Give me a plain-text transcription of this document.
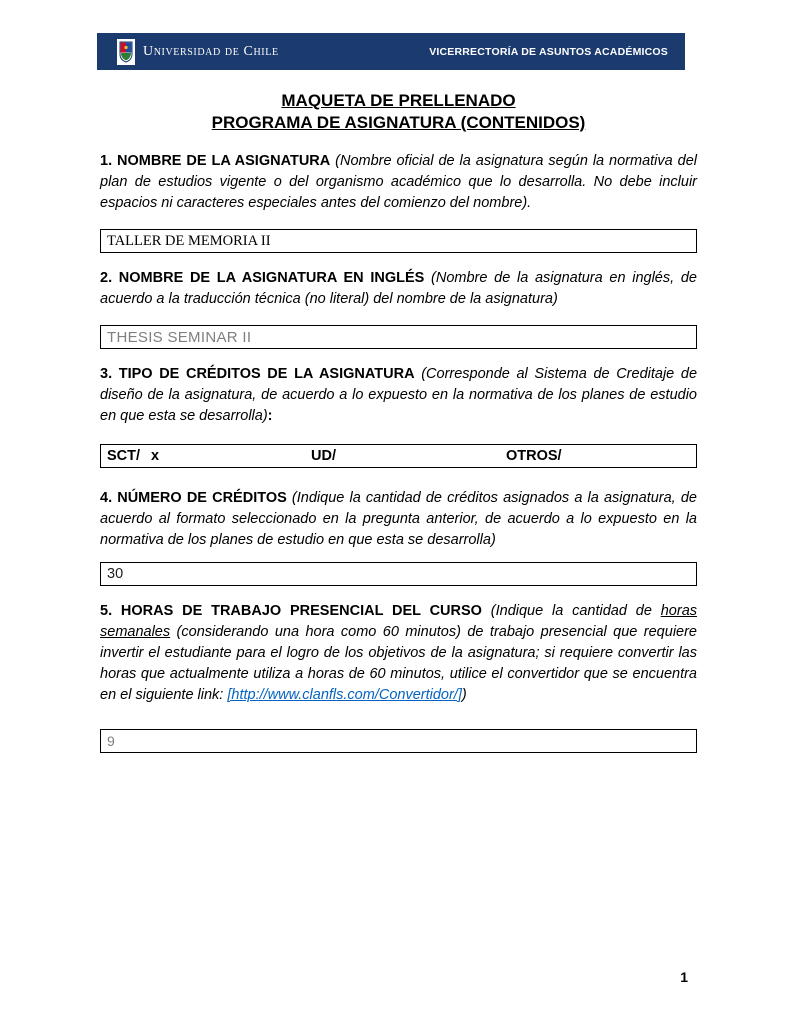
Universidad de Chile	VICERRECTORÍA DE ASUNTOS ACADÉMICOS
MAQUETA DE PRELLENADO
PROGRAMA DE ASIGNATURA (CONTENIDOS)

1. NOMBRE DE LA ASIGNATURA (Nombre oficial de la asignatura según la normativa del plan de estudios vigente o del organismo académico que lo desarrolla. No debe incluir espacios ni caracteres especiales antes del comienzo del nombre).

TALLER DE MEMORIA II

2. NOMBRE DE LA ASIGNATURA EN INGLÉS (Nombre de la asignatura en inglés, de acuerdo a la traducción técnica (no literal) del nombre de la asignatura)

THESIS SEMINAR II

3. TIPO DE CRÉDITOS DE LA ASIGNATURA (Corresponde al Sistema de Creditaje de diseño de la asignatura, de acuerdo a lo expuesto en la normativa de los planes de estudio en que esta se desarrolla):

SCT/ x	UD/	OTROS/

4. NÚMERO DE CRÉDITOS (Indique la cantidad de créditos asignados a la asignatura, de acuerdo al formato seleccionado en la pregunta anterior, de acuerdo a lo expuesto en la normativa de los planes de estudio en que esta se desarrolla)

30

5. HORAS DE TRABAJO PRESENCIAL DEL CURSO (Indique la cantidad de horas semanales (considerando una hora como 60 minutos) de trabajo presencial que requiere invertir el estudiante para el logro de los objetivos de la asignatura; si requiere convertir las horas que actualmente utiliza a horas de 60 minutos, utilice el convertidor que se encuentra en el siguiente link: [http://www.clanfls.com/Convertidor/])

9
1
